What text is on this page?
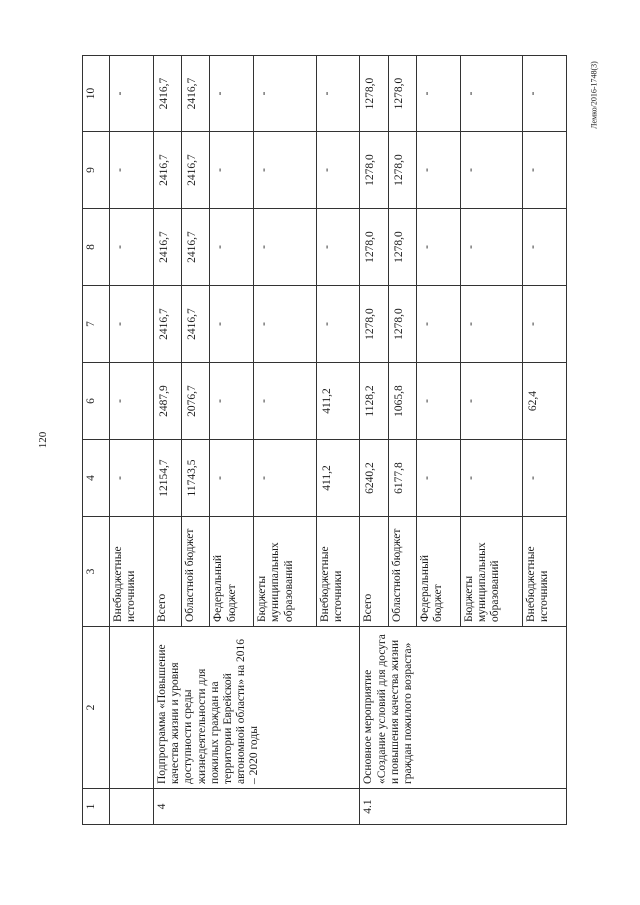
120
Лемко/2016-1748(3)
1	2	3	4	6	7	8	9	10
		Внебюджетные источники	-	-	-	-	-	-
4	Подпрограмма «Повышение качества жизни и уровня доступности среды жизнедеятельности для пожилых граждан на территории Еврейской автономной области» на 2016 – 2020 годы	Всего	12154,7	2487,9	2416,7	2416,7	2416,7	2416,7
		Областной бюджет	11743,5	2076,7	2416,7	2416,7	2416,7	2416,7
		Федеральный бюджет	-	-	-	-	-	-
		Бюджеты муниципальных образований	-	-	-	-	-	-
		Внебюджетные источники	411,2	411,2	-	-	-	-
4.1	Основное мероприятие «Создание условий для досуга и повышения качества жизни граждан пожилого возраста»	Всего	6240,2	1128,2	1278,0	1278,0	1278,0	1278,0
		Областной бюджет	6177,8	1065,8	1278,0	1278,0	1278,0	1278,0
		Федеральный бюджет	-	-	-	-	-	-
		Бюджеты муниципальных образований	-	-	-	-	-	-
		Внебюджетные источники	-	62,4	-	-	-	-
